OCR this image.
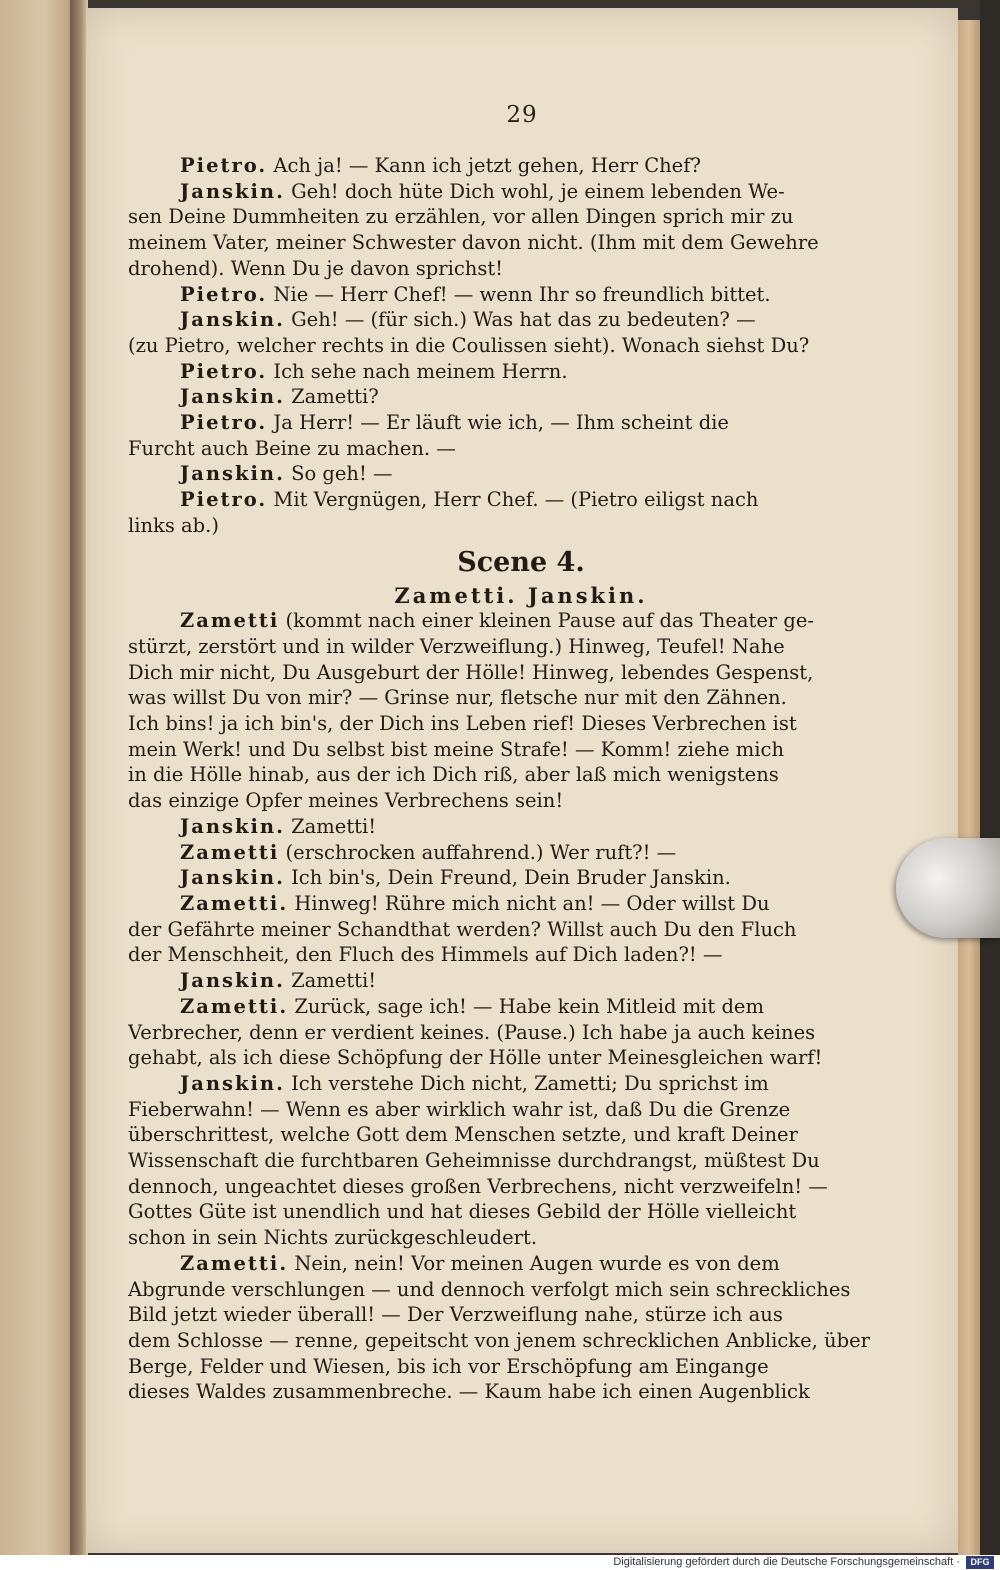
29
Pietro. Ach ja! — Kann ich jetzt gehen, Herr Chef?
Janskin. Geh! doch hüte Dich wohl, je einem lebenden We-
sen Deine Dummheiten zu erzählen, vor allen Dingen sprich mir zu
meinem Vater, meiner Schwester davon nicht. (Ihm mit dem Gewehre
drohend). Wenn Du je davon sprichst!
Pietro. Nie — Herr Chef! — wenn Ihr so freundlich bittet.
Janskin. Geh! — (für sich.) Was hat das zu bedeuten? —
(zu Pietro, welcher rechts in die Coulissen sieht). Wonach siehst Du?
Pietro. Ich sehe nach meinem Herrn.
Janskin. Zametti?
Pietro. Ja Herr! — Er läuft wie ich, — Ihm scheint die
Furcht auch Beine zu machen. —
Janskin. So geh! —
Pietro. Mit Vergnügen, Herr Chef. — (Pietro eiligst nach
links ab.)
Scene 4.
Zametti. Janskin.
Zametti (kommt nach einer kleinen Pause auf das Theater ge-
stürzt, zerstört und in wilder Verzweiflung.) Hinweg, Teufel! Nahe
Dich mir nicht, Du Ausgeburt der Hölle! Hinweg, lebendes Gespenst,
was willst Du von mir? — Grinse nur, fletsche nur mit den Zähnen.
Ich bins! ja ich bin's, der Dich ins Leben rief! Dieses Verbrechen ist
mein Werk! und Du selbst bist meine Strafe! — Komm! ziehe mich
in die Hölle hinab, aus der ich Dich riß, aber laß mich wenigstens
das einzige Opfer meines Verbrechens sein!
Janskin. Zametti!
Zametti (erschrocken auffahrend.) Wer ruft?! —
Janskin. Ich bin's, Dein Freund, Dein Bruder Janskin.
Zametti. Hinweg! Rühre mich nicht an! — Oder willst Du
der Gefährte meiner Schandthat werden? Willst auch Du den Fluch
der Menschheit, den Fluch des Himmels auf Dich laden?! —
Janskin. Zametti!
Zametti. Zurück, sage ich! — Habe kein Mitleid mit dem
Verbrecher, denn er verdient keines. (Pause.) Ich habe ja auch keines
gehabt, als ich diese Schöpfung der Hölle unter Meinesgleichen warf!
Janskin. Ich verstehe Dich nicht, Zametti; Du sprichst im
Fieberwahn! — Wenn es aber wirklich wahr ist, daß Du die Grenze
überschrittest, welche Gott dem Menschen setzte, und kraft Deiner
Wissenschaft die furchtbaren Geheimnisse durchdrangst, müßtest Du
dennoch, ungeachtet dieses großen Verbrechens, nicht verzweifeln! —
Gottes Güte ist unendlich und hat dieses Gebild der Hölle vielleicht
schon in sein Nichts zurückgeschleudert.
Zametti. Nein, nein! Vor meinen Augen wurde es von dem
Abgrunde verschlungen — und dennoch verfolgt mich sein schreckliches
Bild jetzt wieder überall! — Der Verzweiflung nahe, stürze ich aus
dem Schlosse — renne, gepeitscht von jenem schrecklichen Anblicke, über
Berge, Felder und Wiesen, bis ich vor Erschöpfung am Eingange
dieses Waldes zusammenbreche. — Kaum habe ich einen Augenblick
Digitalisierung gefördert durch die Deutsche Forschungsgemeinschaft ·	DFG
